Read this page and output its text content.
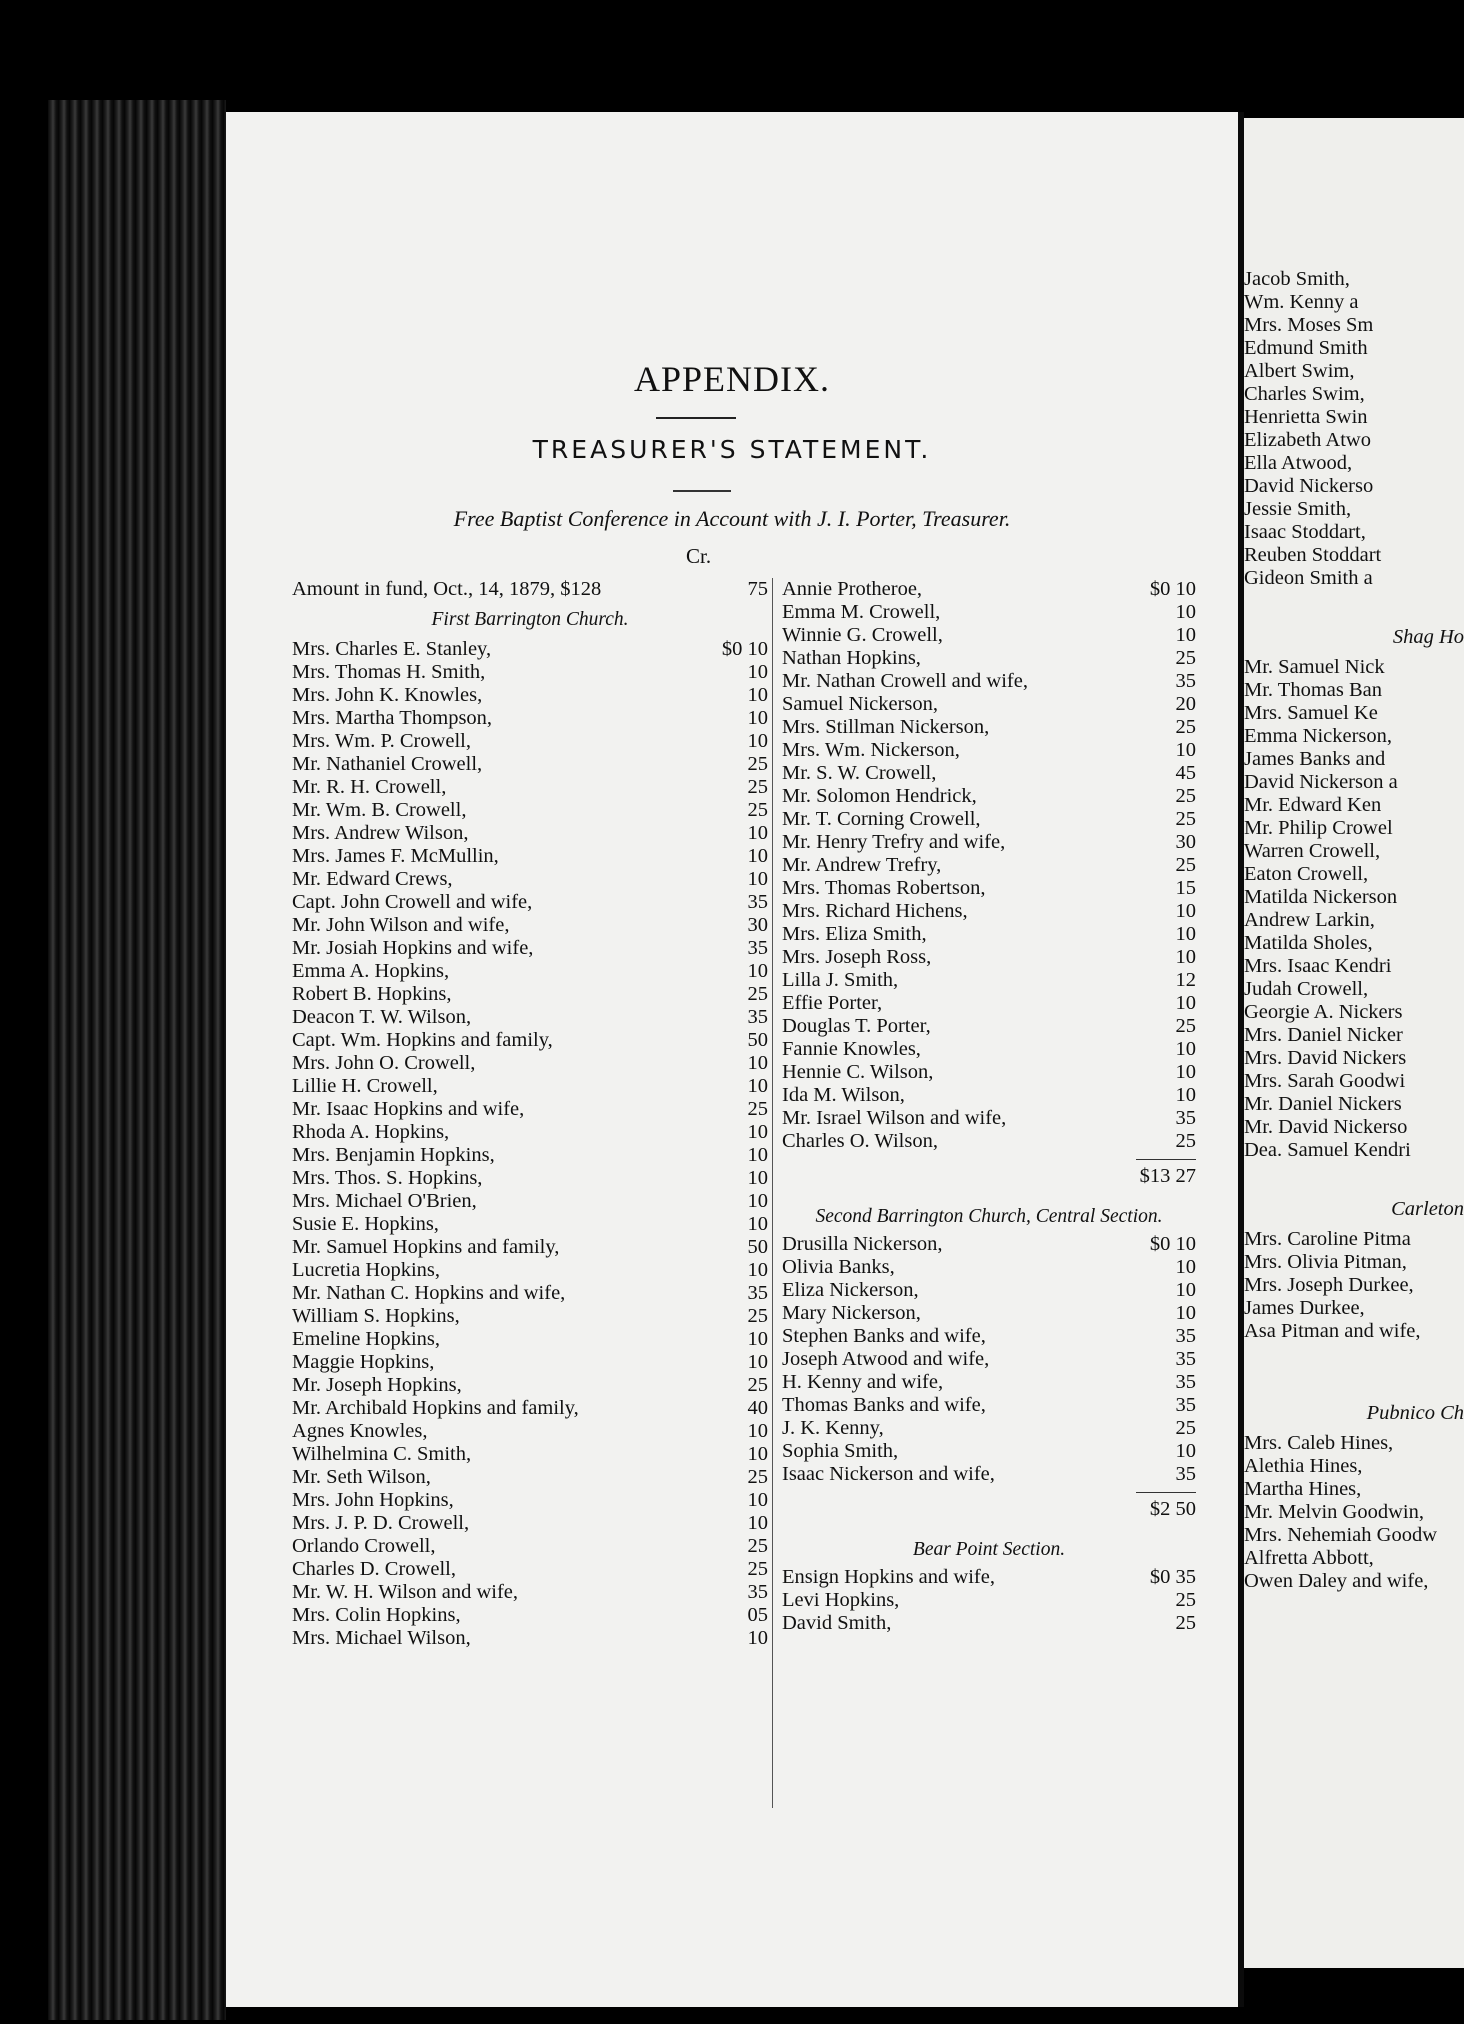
APPENDIX.
TREASURER'S STATEMENT.
Free Baptist Conference in Account with J. I. Porter, Treasurer.
Cr.
Amount in fund, Oct., 14, 1879, $128	75
First Barrington Church.
Mrs. Charles E. Stanley,	$0 10
Mrs. Thomas H. Smith,	10
Mrs. John K. Knowles,	10
Mrs. Martha Thompson,	10
Mrs. Wm. P. Crowell,	10
Mr. Nathaniel Crowell,	25
Mr. R. H. Crowell,	25
Mr. Wm. B. Crowell,	25
Mrs. Andrew Wilson,	10
Mrs. James F. McMullin,	10
Mr. Edward Crews,	10
Capt. John Crowell and wife,	35
Mr. John Wilson and wife,	30
Mr. Josiah Hopkins and wife,	35
Emma A. Hopkins,	10
Robert B. Hopkins,	25
Deacon T. W. Wilson,	35
Capt. Wm. Hopkins and family,	50
Mrs. John O. Crowell,	10
Lillie H. Crowell,	10
Mr. Isaac Hopkins and wife,	25
Rhoda A. Hopkins,	10
Mrs. Benjamin Hopkins,	10
Mrs. Thos. S. Hopkins,	10
Mrs. Michael O'Brien,	10
Susie E. Hopkins,	10
Mr. Samuel Hopkins and family,	50
Lucretia Hopkins,	10
Mr. Nathan C. Hopkins and wife,	35
William S. Hopkins,	25
Emeline Hopkins,	10
Maggie Hopkins,	10
Mr. Joseph Hopkins,	25
Mr. Archibald Hopkins and family,	40
Agnes Knowles,	10
Wilhelmina C. Smith,	10
Mr. Seth Wilson,	25
Mrs. John Hopkins,	10
Mrs. J. P. D. Crowell,	10
Orlando Crowell,	25
Charles D. Crowell,	25
Mr. W. H. Wilson and wife,	35
Mrs. Colin Hopkins,	05
Mrs. Michael Wilson,	10
Annie Protheroe,	$0 10
Emma M. Crowell,	10
Winnie G. Crowell,	10
Nathan Hopkins,	25
Mr. Nathan Crowell and wife,	35
Samuel Nickerson,	20
Mrs. Stillman Nickerson,	25
Mrs. Wm. Nickerson,	10
Mr. S. W. Crowell,	45
Mr. Solomon Hendrick,	25
Mr. T. Corning Crowell,	25
Mr. Henry Trefry and wife,	30
Mr. Andrew Trefry,	25
Mrs. Thomas Robertson,	15
Mrs. Richard Hichens,	10
Mrs. Eliza Smith,	10
Mrs. Joseph Ross,	10
Lilla J. Smith,	12
Effie Porter,	10
Douglas T. Porter,	25
Fannie Knowles,	10
Hennie C. Wilson,	10
Ida M. Wilson,	10
Mr. Israel Wilson and wife,	35
Charles O. Wilson,	25
$13 27
Second Barrington Church, Central Section.
Drusilla Nickerson,	$0 10
Olivia Banks,	10
Eliza Nickerson,	10
Mary Nickerson,	10
Stephen Banks and wife,	35
Joseph Atwood and wife,	35
H. Kenny and wife,	35
Thomas Banks and wife,	35
J. K. Kenny,	25
Sophia Smith,	10
Isaac Nickerson and wife,	35
$2 50
Bear Point Section.
Ensign Hopkins and wife,	$0 35
Levi Hopkins,	25
David Smith,	25
Jacob Smith,
Wm. Kenny a
Mrs. Moses Sm
Edmund Smith
Albert Swim,
Charles Swim,
Henrietta Swin
Elizabeth Atwo
Ella Atwood,
David Nickerso
Jessie Smith,
Isaac Stoddart,
Reuben Stoddart
Gideon Smith a
Shag Ho
Mr. Samuel Nick
Mr. Thomas Ban
Mrs. Samuel Ke
Emma Nickerson,
James Banks and
David Nickerson a
Mr. Edward Ken
Mr. Philip Crowel
Warren Crowell,
Eaton Crowell,
Matilda Nickerson
Andrew Larkin,
Matilda Sholes,
Mrs. Isaac Kendri
Judah Crowell,
Georgie A. Nickers
Mrs. Daniel Nicker
Mrs. David Nickers
Mrs. Sarah Goodwi
Mr. Daniel Nickers
Mr. David Nickerso
Dea. Samuel Kendri
Carleton
Mrs. Caroline Pitma
Mrs. Olivia Pitman,
Mrs. Joseph Durkee,
James Durkee,
Asa Pitman and wife,
Pubnico Ch
Mrs. Caleb Hines,
Alethia Hines,
Martha Hines,
Mr. Melvin Goodwin,
Mrs. Nehemiah Goodw
Alfretta Abbott,
Owen Daley and wife,
